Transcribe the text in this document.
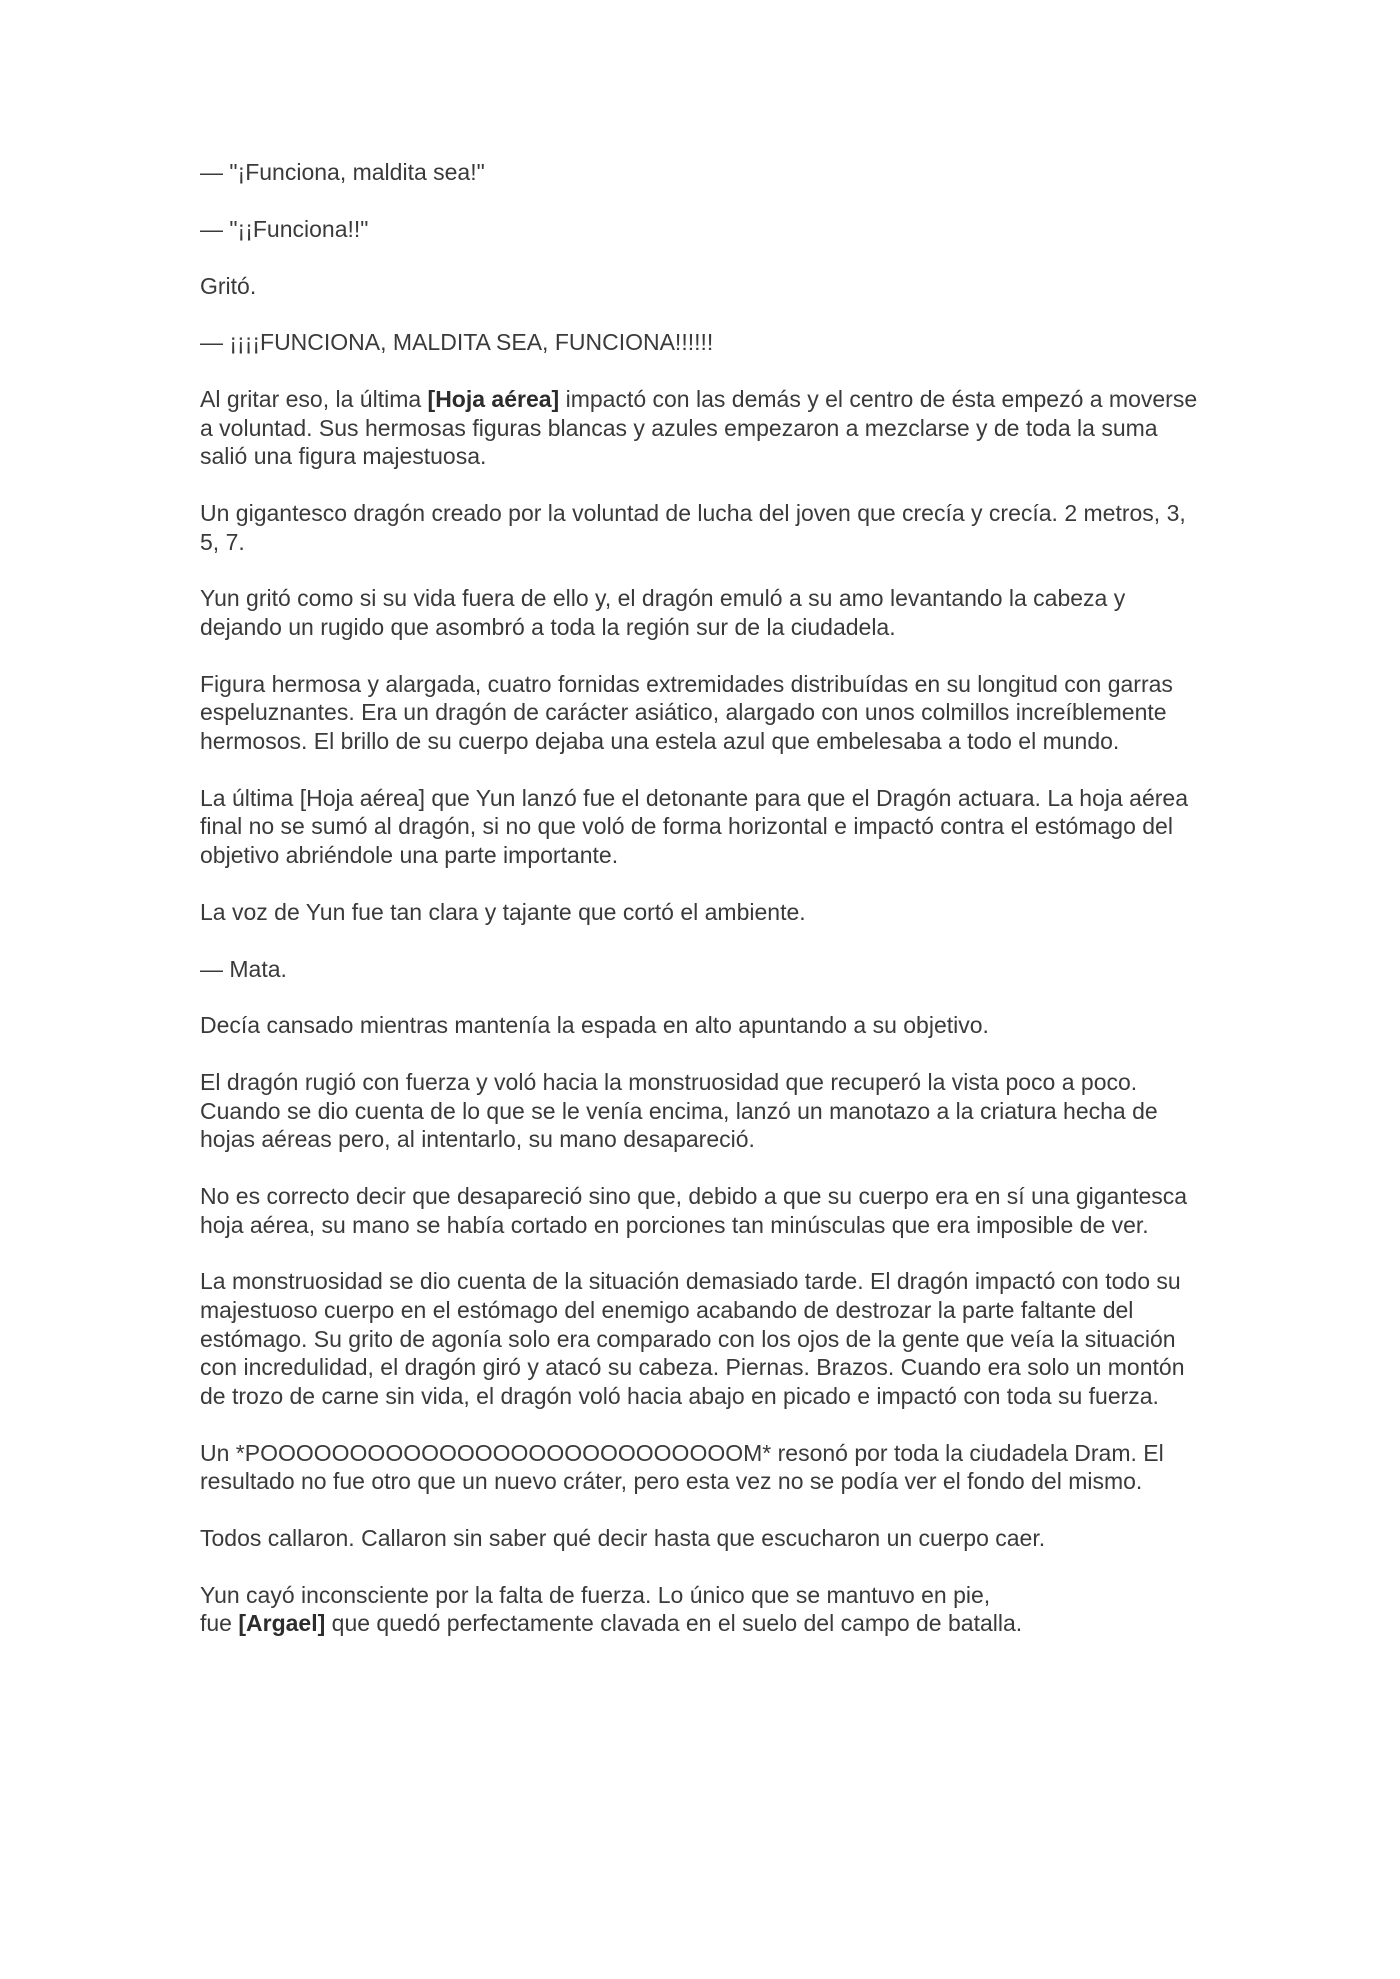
— "¡Funciona, maldita sea!"

— "¡¡Funciona!!"

Gritó.

— ¡¡¡¡FUNCIONA, MALDITA SEA, FUNCIONA!!!!!!

Al gritar eso, la última [Hoja aérea] impactó con las demás y el centro de ésta empezó a moverse a voluntad. Sus hermosas figuras blancas y azules empezaron a mezclarse y de toda la suma salió una figura majestuosa.

Un gigantesco dragón creado por la voluntad de lucha del joven que crecía y crecía. 2 metros, 3, 5, 7.

Yun gritó como si su vida fuera de ello y, el dragón emuló a su amo levantando la cabeza y dejando un rugido que asombró a toda la región sur de la ciudadela.

Figura hermosa y alargada, cuatro fornidas extremidades distribuídas en su longitud con garras espeluznantes. Era un dragón de carácter asiático, alargado con unos colmillos increíblemente hermosos. El brillo de su cuerpo dejaba una estela azul que embelesaba a todo el mundo.

La última [Hoja aérea] que Yun lanzó fue el detonante para que el Dragón actuara. La hoja aérea final no se sumó al dragón, si no que voló de forma horizontal e impactó contra el estómago del objetivo abriéndole una parte importante.

La voz de Yun fue tan clara y tajante que cortó el ambiente.

— Mata.

Decía cansado mientras mantenía la espada en alto apuntando a su objetivo.

El dragón rugió con fuerza y voló hacia la monstruosidad que recuperó la vista poco a poco. Cuando se dio cuenta de lo que se le venía encima, lanzó un manotazo a la criatura hecha de hojas aéreas pero, al intentarlo, su mano desapareció.

No es correcto decir que desapareció sino que, debido a que su cuerpo era en sí una gigantesca hoja aérea, su mano se había cortado en porciones tan minúsculas que era imposible de ver.

La monstruosidad se dio cuenta de la situación demasiado tarde. El dragón impactó con todo su majestuoso cuerpo en el estómago del enemigo acabando de destrozar la parte faltante del estómago. Su grito de agonía solo era comparado con los ojos de la gente que veía la situación con incredulidad, el dragón giró y atacó su cabeza. Piernas. Brazos. Cuando era solo un montón de trozo de carne sin vida, el dragón voló hacia abajo en picado e impactó con toda su fuerza.

Un *POOOOOOOOOOOOOOOOOOOOOOOOOOOM* resonó por toda la ciudadela Dram. El resultado no fue otro que un nuevo cráter, pero esta vez no se podía ver el fondo del mismo.

Todos callaron. Callaron sin saber qué decir hasta que escucharon un cuerpo caer.

Yun cayó inconsciente por la falta de fuerza. Lo único que se mantuvo en pie,
fue [Argael] que quedó perfectamente clavada en el suelo del campo de batalla.
